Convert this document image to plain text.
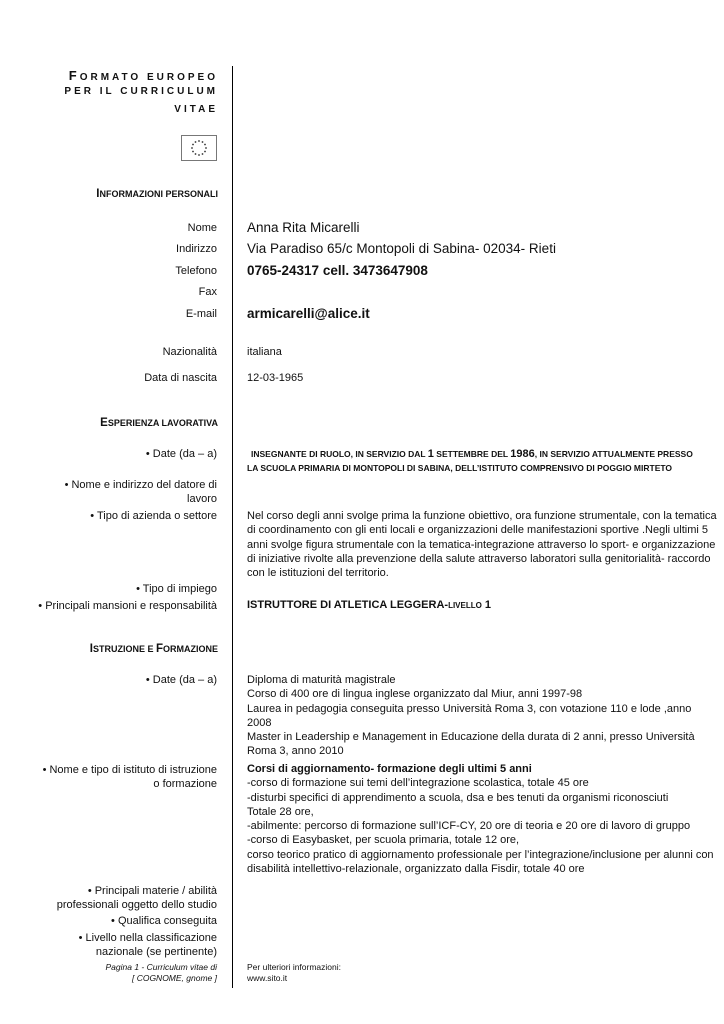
FORMATO EUROPEO
PER IL CURRICULUM
VITAE
INFORMAZIONI PERSONALI
Nome Anna Rita Micarelli
Indirizzo Via Paradiso 65/c Montopoli di Sabina- 02034- Rieti
Telefono 0765-24317 cell. 3473647908
Fax
E-mail armicarelli@alice.it
Nazionalità	italiana
Data di nascita	12-03-1965
ESPERIENZA LAVORATIVA
• Date (da – a)	INSEGNANTE DI RUOLO, IN SERVIZIO DAL 1 SETTEMBRE DEL 1986, IN SERVIZIO ATTUALMENTE PRESSO
LA SCUOLA PRIMARIA DI MONTOPOLI DI SABINA, DELL’ISTITUTO COMPRENSIVO DI POGGIO MIRTETO
• Nome e indirizzo del datore di
lavoro
• Tipo di azienda o settore	Nel corso degli anni svolge prima la funzione obiettivo, ora funzione strumentale, con la tematica
di coordinamento con gli enti locali e organizzazioni delle manifestazioni sportive .Negli ultimi 5
anni svolge figura strumentale con la tematica-integrazione attraverso lo sport- e organizzazione
di iniziative rivolte alla prevenzione della salute attraverso laboratori sulla genitorialità- raccordo
con le istituzioni del territorio.
• Tipo di impiego
• Principali mansioni e responsabilità	ISTRUTTORE DI ATLETICA LEGGERA-LIVELLO 1
ISTRUZIONE E FORMAZIONE
• Date (da – a)	Diploma di maturità magistrale
Corso di 400 ore di lingua inglese organizzato dal Miur, anni 1997-98
Laurea in pedagogia conseguita presso Università Roma 3, con votazione 110 e lode ,anno
2008
Master in Leadership e Management in Educazione della durata di 2 anni, presso Università
Roma 3, anno 2010
• Nome e tipo di istituto di istruzione
o formazione
Corsi di aggiornamento- formazione degli ultimi 5 anni
-corso di formazione sui temi dell’integrazione scolastica, totale 45 ore
-disturbi specifici di apprendimento a scuola, dsa e bes tenuti da organismi riconosciuti
Totale 28 ore,
-abilmente: percorso di formazione sull’ICF-CY, 20 ore di teoria e 20 ore di lavoro di gruppo
-corso di Easybasket, per scuola primaria, totale 12 ore,
corso teorico pratico di aggiornamento professionale per l’integrazione/inclusione per alunni con
disabilità intellettivo-relazionale, organizzato dalla Fisdir, totale 40 ore
• Principali materie / abilità
professionali oggetto dello studio
• Qualifica conseguita
• Livello nella classificazione
nazionale (se pertinente)
Pagina 1 - Curriculum vitae di
[ COGNOME, gnome ]
Per ulteriori informazioni:
www.sito.it
